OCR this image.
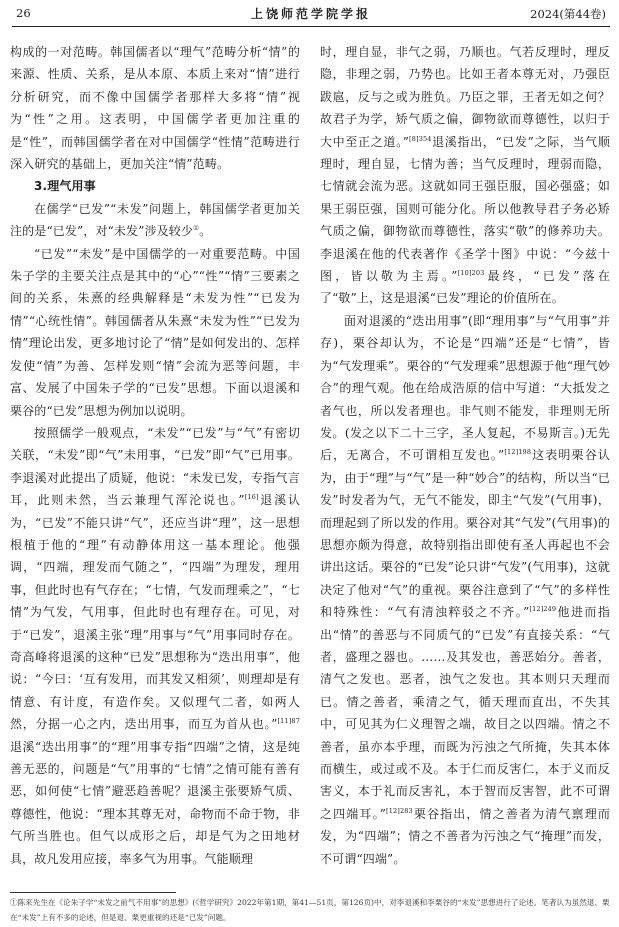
26	上饶师范学院学报	2024(第44卷)

构成的一对范畴。韩国儒者以“理气”范畴分析“情”的来源、性质、关系，是从本原、本质上来对“情”进行分析研究，而不像中国儒学者那样大多将“情”视为“性”之用。这表明，中国儒学者更加注重的是“性”，而韩国儒学者在对中国儒学“性情”范畴进行深入研究的基础上，更加关注“情”范畴。

3.理气用事

在儒学“已发”“未发”问题上，韩国儒学者更加关注的是“已发”，对“未发”涉及较少①。

“已发”“未发”是中国儒学的一对重要范畴。中国朱子学的主要关注点是其中的“心”“性”“情”三要素之间的关系，朱熹的经典解释是“未发为性”“已发为情”“心统性情”。韩国儒者从朱熹“未发为性”“已发为情”理论出发，更多地讨论了“情”是如何发出的、怎样发使“情”为善、怎样发则“情”会流为恶等问题，丰富、发展了中国朱子学的“已发”思想。下面以退溪和栗谷的“已发”思想为例加以说明。

按照儒学一般观点，“未发”“已发”与“气”有密切关联，“未发”即“气”未用事，“已发”即“气”已用事。李退溪对此提出了质疑，他说：“未发已发，专指气言耳，此则未然，当云兼理气浑沦说也。”[16]退溪认为，“已发”不能只讲“气”，还应当讲“理”，这一思想根植于他的“理”有动静体用这一基本理论。他强调，“四端，理发而气随之”，“四端”为理发，理用事，但此时也有气存在；“七情，气发而理乘之”，“七情”为气发，气用事，但此时也有理存在。可见，对于“已发”，退溪主张“理”用事与“气”用事同时存在。奇高峰将退溪的这种“已发”思想称为“迭出用事”，他说：“今曰：‘互有发用，而其发又相须’，则理却是有情意、有计度，有造作矣。又似理气二者，如两人然，分据一心之内，迭出用事，而互为首从也。”$^{[11]87}$退溪“迭出用事”的“理”用事专指“四端”之情，这是纯善无恶的，问题是“气”用事的“七情”之情可能有善有恶，如何使“七情”避恶趋善呢？退溪主张要矫气质、尊德性，他说：“理本其尊无对，命物而不命于物，非气所当胜也。但气以成形之后，却是气为之田地材具，故凡发用应接，率多气为用事。气能顺理

时，理自显，非气之弱，乃顺也。气若反理时，理反隐，非理之弱，乃势也。比如王者本尊无对，乃强臣跋扈，反与之或为胜负。乃臣之罪，王者无如之何？故君子为学，矫气质之偏，御物欲而尊德性，以归于大中至正之道。”$^{[8]354}$退溪指出，“已发”之际，当气顺理时，理自显，七情为善；当气反理时，理弱而隐，七情就会流为恶。这就如同王强臣服，国必强盛；如果王弱臣强，国则可能分化。所以他教导君子务必矫气质之偏，御物欲而尊德性，落实“敬”的修养功夫。李退溪在他的代表著作《圣学十图》中说：“今兹十图，皆以敬为主焉。”$^{[10]203}$最终，“已发”落在了“敬”上，这是退溪“已发”理论的价值所在。

面对退溪的“迭出用事”(即“理用事”与“气用事”并存)，栗谷却认为，不论是“四端”还是“七情”，皆为“气发理乘”。栗谷的“气发理乘”思想源于他“理气妙合”的理气观。他在给成浩原的信中写道：“大抵发之者气也，所以发者理也。非气则不能发，非理则无所发。(发之以下二十三字，圣人复起，不易斯言。)无先后，无离合，不可谓相互发也。”$^{[12]198}$这表明栗谷认为，由于“理”与“气”是一种“妙合”的结构，所以当“已发”时发者为气，无气不能发，即主“气发”(气用事)，而理起到了所以发的作用。栗谷对其“气发”(气用事)的思想亦颇为得意，故特别指出即使有圣人再起也不会讲出这话。栗谷的“已发”论只讲“气发”(气用事)，这就决定了他对“气”的重视。栗谷注意到了“气”的多样性和特殊性：“气有清浊粹驳之不齐。”$^{[12]249}$他进而指出“情”的善恶与不同质气的“已发”有直接关系：“气者，盛理之器也。……及其发也，善恶始分。善者，清气之发也。恶者，浊气之发也。其本则只天理而已。情之善者，乘清之气，循天理而直出，不失其中，可见其为仁义理智之端，故目之以四端。情之不善者，虽亦本乎理，而既为污浊之气所掩，失其本体而横生，或过或不及。本于仁而反害仁，本于义而反害义，本于礼而反害礼，本于智而反害智，此不可谓之四端耳。”$^{[12]283}$栗谷指出，情之善者为清气禀理而发，为“四端”；情之不善者为污浊之气“掩理”而发，不可谓“四端”。

①陈来先生在《论朱子学“未发之前气不用事”的思想》(《哲学研究》2022年第1期，第41—51页，第126页)中，对李退溪和李栗谷的“未发”思想进行了论述。笔者认为虽然退、栗在“未发”上有不多的论述，但是退、栗更重视的还是“已发”问题。
